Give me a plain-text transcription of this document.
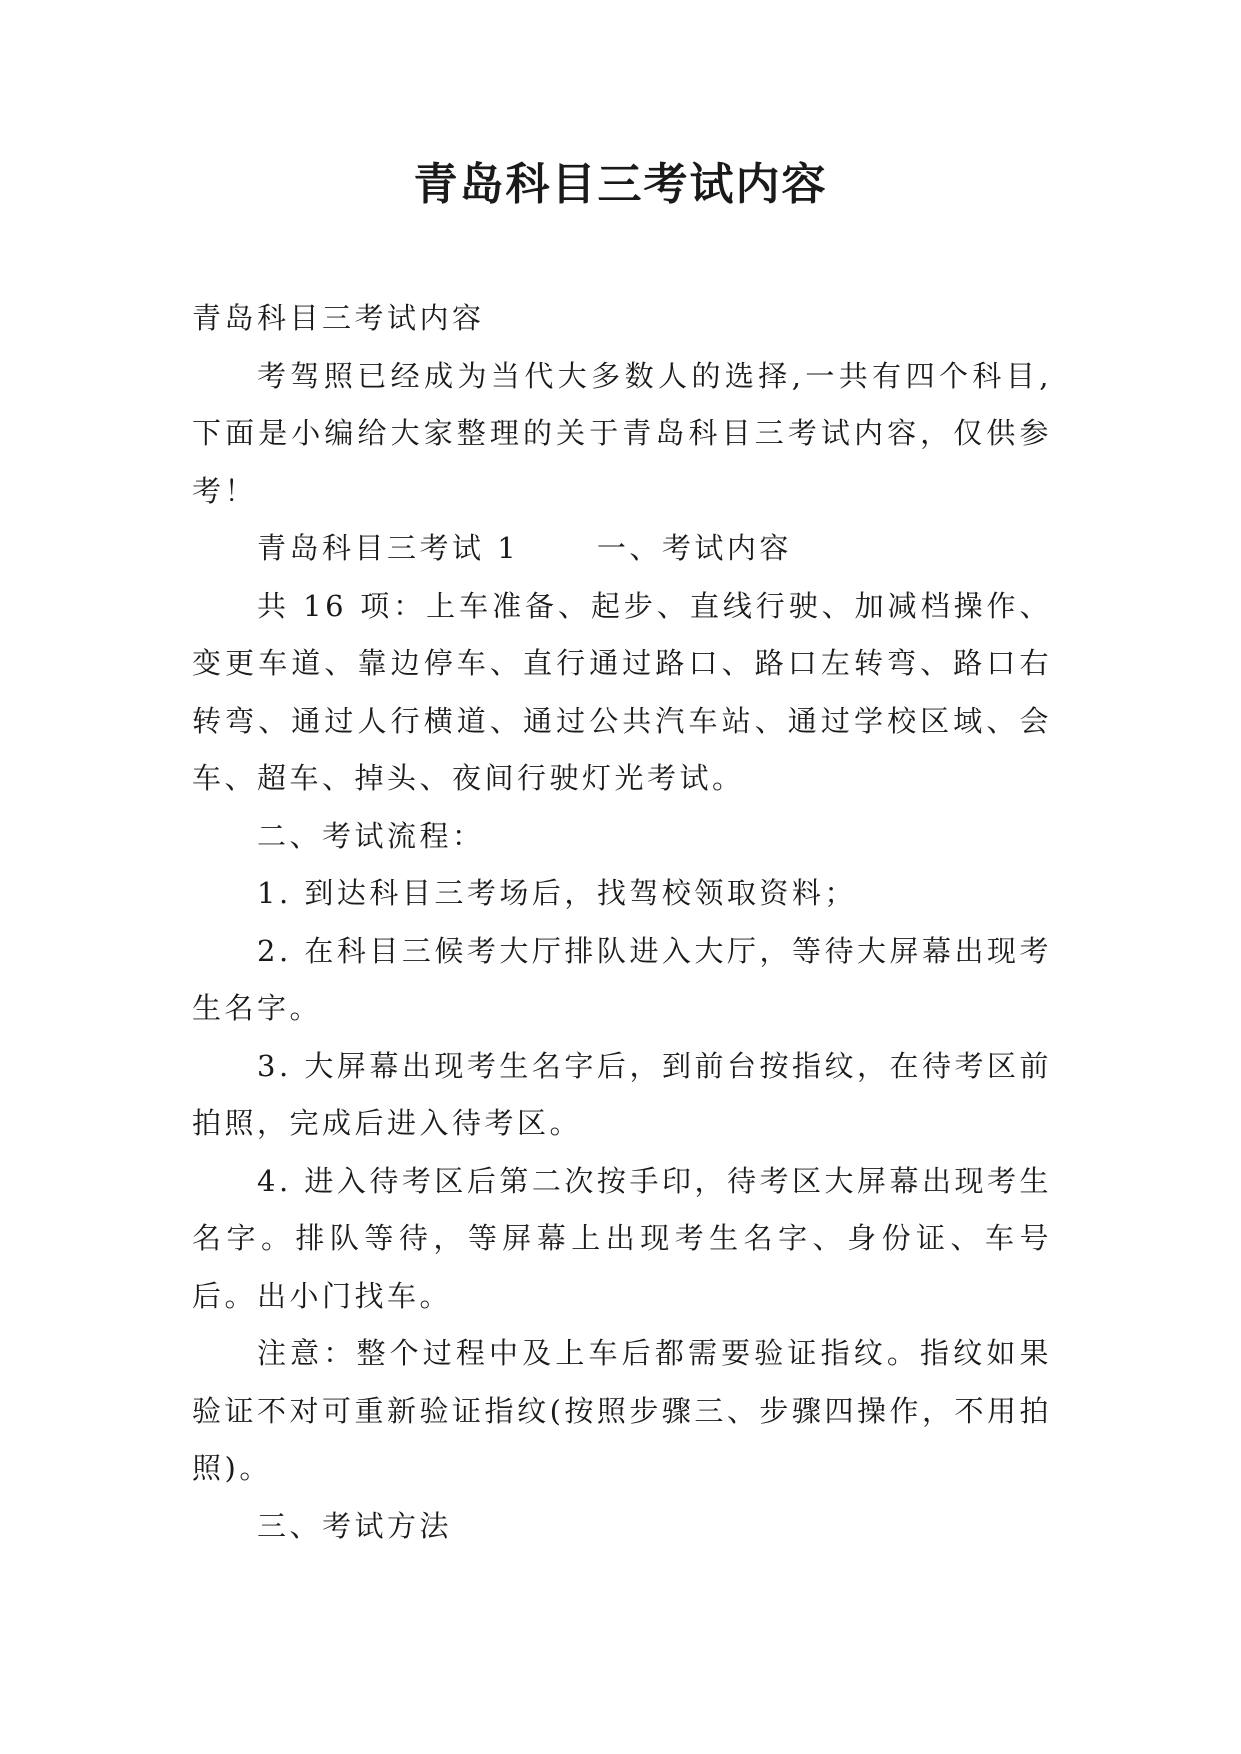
青岛科目三考试内容

青岛科目三考试内容

考驾照已经成为当代大多数人的选择,一共有四个科目,下面是小编给大家整理的关于青岛科目三考试内容，仅供参考！

青岛科目三考试 1　　 一、考试内容

共 16 项：上车准备、起步、直线行驶、加减档操作、变更车道、靠边停车、直行通过路口、路口左转弯、路口右转弯、通过人行横道、通过公共汽车站、通过学校区域、会车、超车、掉头、夜间行驶灯光考试。

二、考试流程：

1. 到达科目三考场后，找驾校领取资料；

2. 在科目三候考大厅排队进入大厅，等待大屏幕出现考生名字。

3. 大屏幕出现考生名字后，到前台按指纹，在待考区前拍照，完成后进入待考区。

4. 进入待考区后第二次按手印，待考区大屏幕出现考生名字。排队等待，等屏幕上出现考生名字、身份证、车号后。出小门找车。

注意：整个过程中及上车后都需要验证指纹。指纹如果验证不对可重新验证指纹(按照步骤三、步骤四操作，不用拍照)。

三、考试方法
